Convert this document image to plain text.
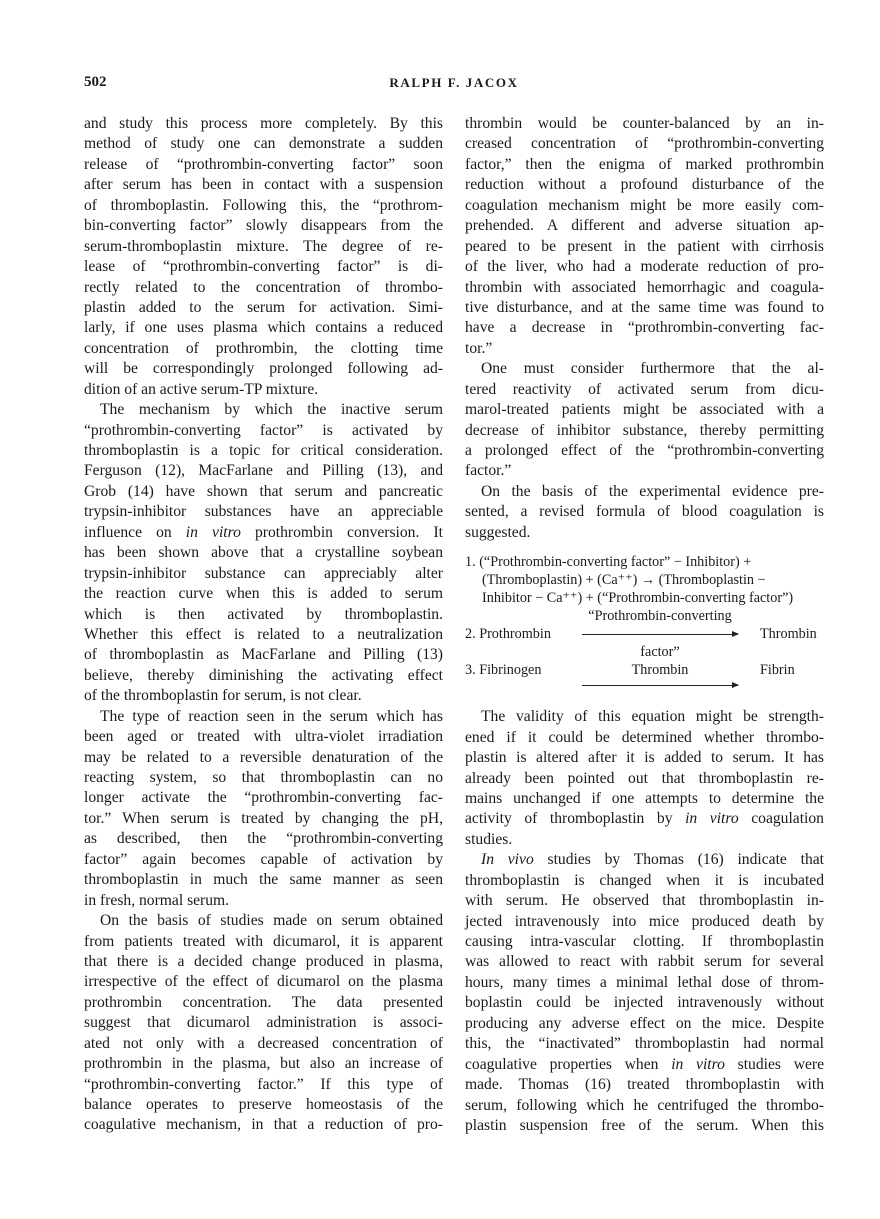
502	RALPH F. JACOX
and study this process more completely. By this
method of study one can demonstrate a sudden
release of “prothrombin-converting factor” soon
after serum has been in contact with a suspension
of thromboplastin. Following this, the “prothrom-
bin-converting factor” slowly disappears from the
serum-thromboplastin mixture. The degree of re-
lease of “prothrombin-converting factor” is di-
rectly related to the concentration of thrombo-
plastin added to the serum for activation. Simi-
larly, if one uses plasma which contains a reduced
concentration of prothrombin, the clotting time
will be correspondingly prolonged following ad-
dition of an active serum-TP mixture.
The mechanism by which the inactive serum
“prothrombin-converting factor” is activated by
thromboplastin is a topic for critical consideration.
Ferguson (12), MacFarlane and Pilling (13), and
Grob (14) have shown that serum and pancreatic
trypsin-inhibitor substances have an appreciable
influence on in vitro prothrombin conversion. It
has been shown above that a crystalline soybean
trypsin-inhibitor substance can appreciably alter
the reaction curve when this is added to serum
which is then activated by thromboplastin.
Whether this effect is related to a neutralization
of thromboplastin as MacFarlane and Pilling (13)
believe, thereby diminishing the activating effect
of the thromboplastin for serum, is not clear.
The type of reaction seen in the serum which has
been aged or treated with ultra-violet irradiation
may be related to a reversible denaturation of the
reacting system, so that thromboplastin can no
longer activate the “prothrombin-converting fac-
tor.” When serum is treated by changing the pH,
as described, then the “prothrombin-converting
factor” again becomes capable of activation by
thromboplastin in much the same manner as seen
in fresh, normal serum.
On the basis of studies made on serum obtained
from patients treated with dicumarol, it is apparent
that there is a decided change produced in plasma,
irrespective of the effect of dicumarol on the plasma
prothrombin concentration. The data presented
suggest that dicumarol administration is associ-
ated not only with a decreased concentration of
prothrombin in the plasma, but also an increase of
“prothrombin-converting factor.” If this type of
balance operates to preserve homeostasis of the
coagulative mechanism, in that a reduction of pro-
thrombin would be counter-balanced by an in-
creased concentration of “prothrombin-converting
factor,” then the enigma of marked prothrombin
reduction without a profound disturbance of the
coagulation mechanism might be more easily com-
prehended. A different and adverse situation ap-
peared to be present in the patient with cirrhosis
of the liver, who had a moderate reduction of pro-
thrombin with associated hemorrhagic and coagula-
tive disturbance, and at the same time was found to
have a decrease in “prothrombin-converting fac-
tor.”
One must consider furthermore that the al-
tered reactivity of activated serum from dicu-
marol-treated patients might be associated with a
decrease of inhibitor substance, thereby permitting
a prolonged effect of the “prothrombin-converting
factor.”
On the basis of the experimental evidence pre-
sented, a revised formula of blood coagulation is
suggested.
1. (“Prothrombin-converting factor” − Inhibitor) +
(Thromboplastin) + (Ca⁺⁺) → (Thromboplastin −
Inhibitor − Ca⁺⁺) + (“Prothrombin-converting factor”)
“Prothrombin-converting
2. Prothrombin	Thrombin
factor”
3. Fibrinogen	Thrombin	Fibrin
The validity of this equation might be strength-
ened if it could be determined whether thrombo-
plastin is altered after it is added to serum. It has
already been pointed out that thromboplastin re-
mains unchanged if one attempts to determine the
activity of thromboplastin by in vitro coagulation
studies.
In vivo studies by Thomas (16) indicate that
thromboplastin is changed when it is incubated
with serum. He observed that thromboplastin in-
jected intravenously into mice produced death by
causing intra-vascular clotting. If thromboplastin
was allowed to react with rabbit serum for several
hours, many times a minimal lethal dose of throm-
boplastin could be injected intravenously without
producing any adverse effect on the mice. Despite
this, the “inactivated” thromboplastin had normal
coagulative properties when in vitro studies were
made. Thomas (16) treated thromboplastin with
serum, following which he centrifuged the thrombo-
plastin suspension free of the serum. When this
